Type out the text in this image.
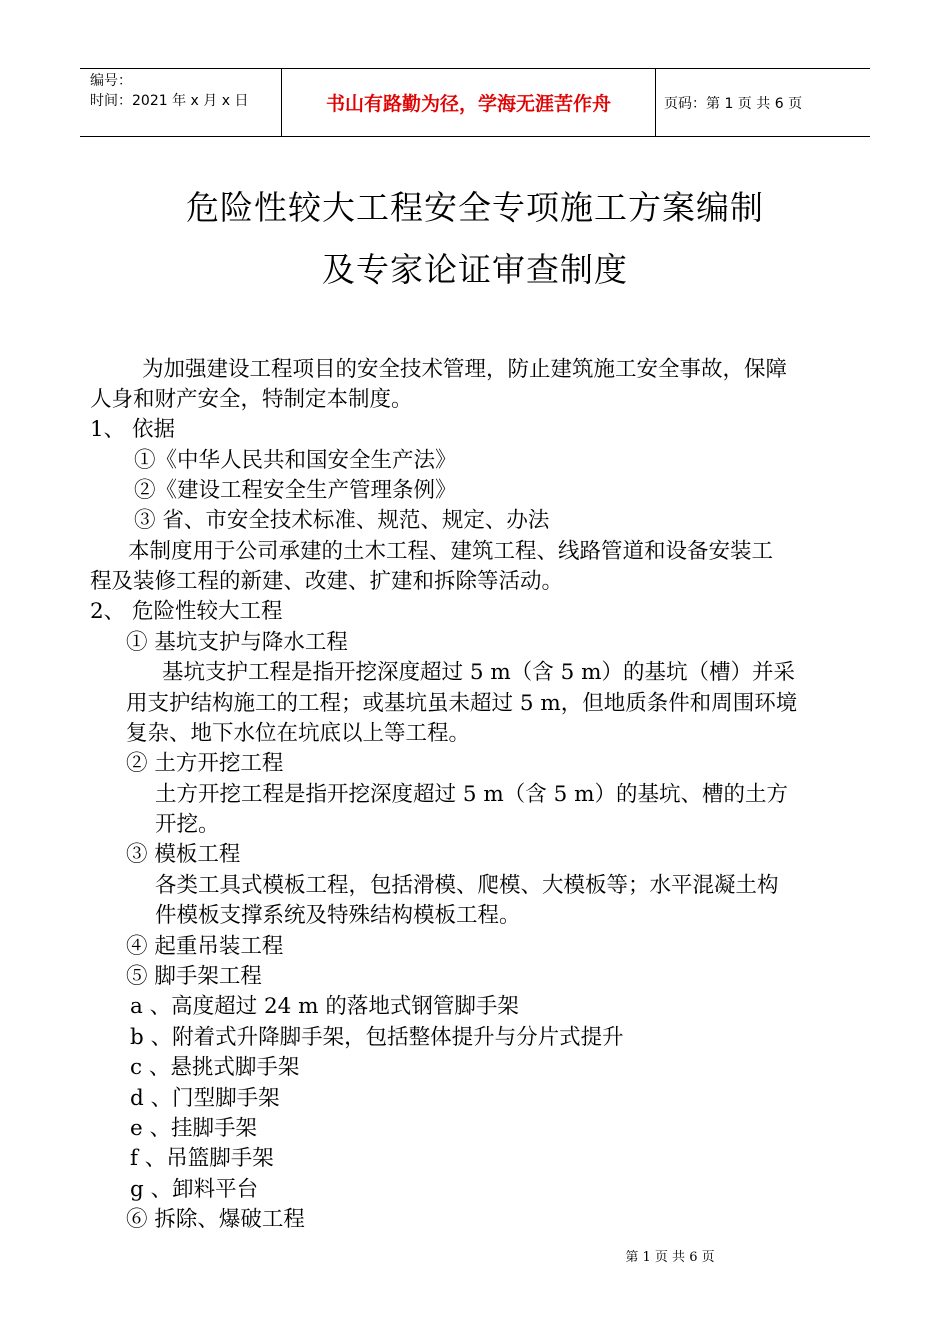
编号：
时间：2021 年 x 月 x 日	书山有路勤为径，学海无涯苦作舟	页码：第 1 页 共 6 页
危险性较大工程安全专项施工方案编制
及专家论证审查制度
为加强建设工程项目的安全技术管理，防止建筑施工安全事故，保障
人身和财产安全，特制定本制度。
1、 依据
①《中华人民共和国安全生产法》
②《建设工程安全生产管理条例》
③ 省、市安全技术标准、规范、规定、办法
本制度用于公司承建的土木工程、建筑工程、线路管道和设备安装工
程及装修工程的新建、改建、扩建和拆除等活动。
2、 危险性较大工程
① 基坑支护与降水工程
基坑支护工程是指开挖深度超过 5 m（含 5 m）的基坑（槽）并采
用支护结构施工的工程；或基坑虽未超过 5 m，但地质条件和周围环境
复杂、地下水位在坑底以上等工程。
② 土方开挖工程
土方开挖工程是指开挖深度超过 5 m（含 5 m）的基坑、槽的土方
开挖。
③ 模板工程
各类工具式模板工程，包括滑模、爬模、大模板等；水平混凝土构
件模板支撑系统及特殊结构模板工程。
④ 起重吊装工程
⑤ 脚手架工程
a 、高度超过 24 m 的落地式钢管脚手架
b 、附着式升降脚手架，包括整体提升与分片式提升
c 、悬挑式脚手架
d 、门型脚手架
e 、挂脚手架
f 、吊篮脚手架
g 、卸料平台
⑥ 拆除、爆破工程
第 1 页 共 6 页
